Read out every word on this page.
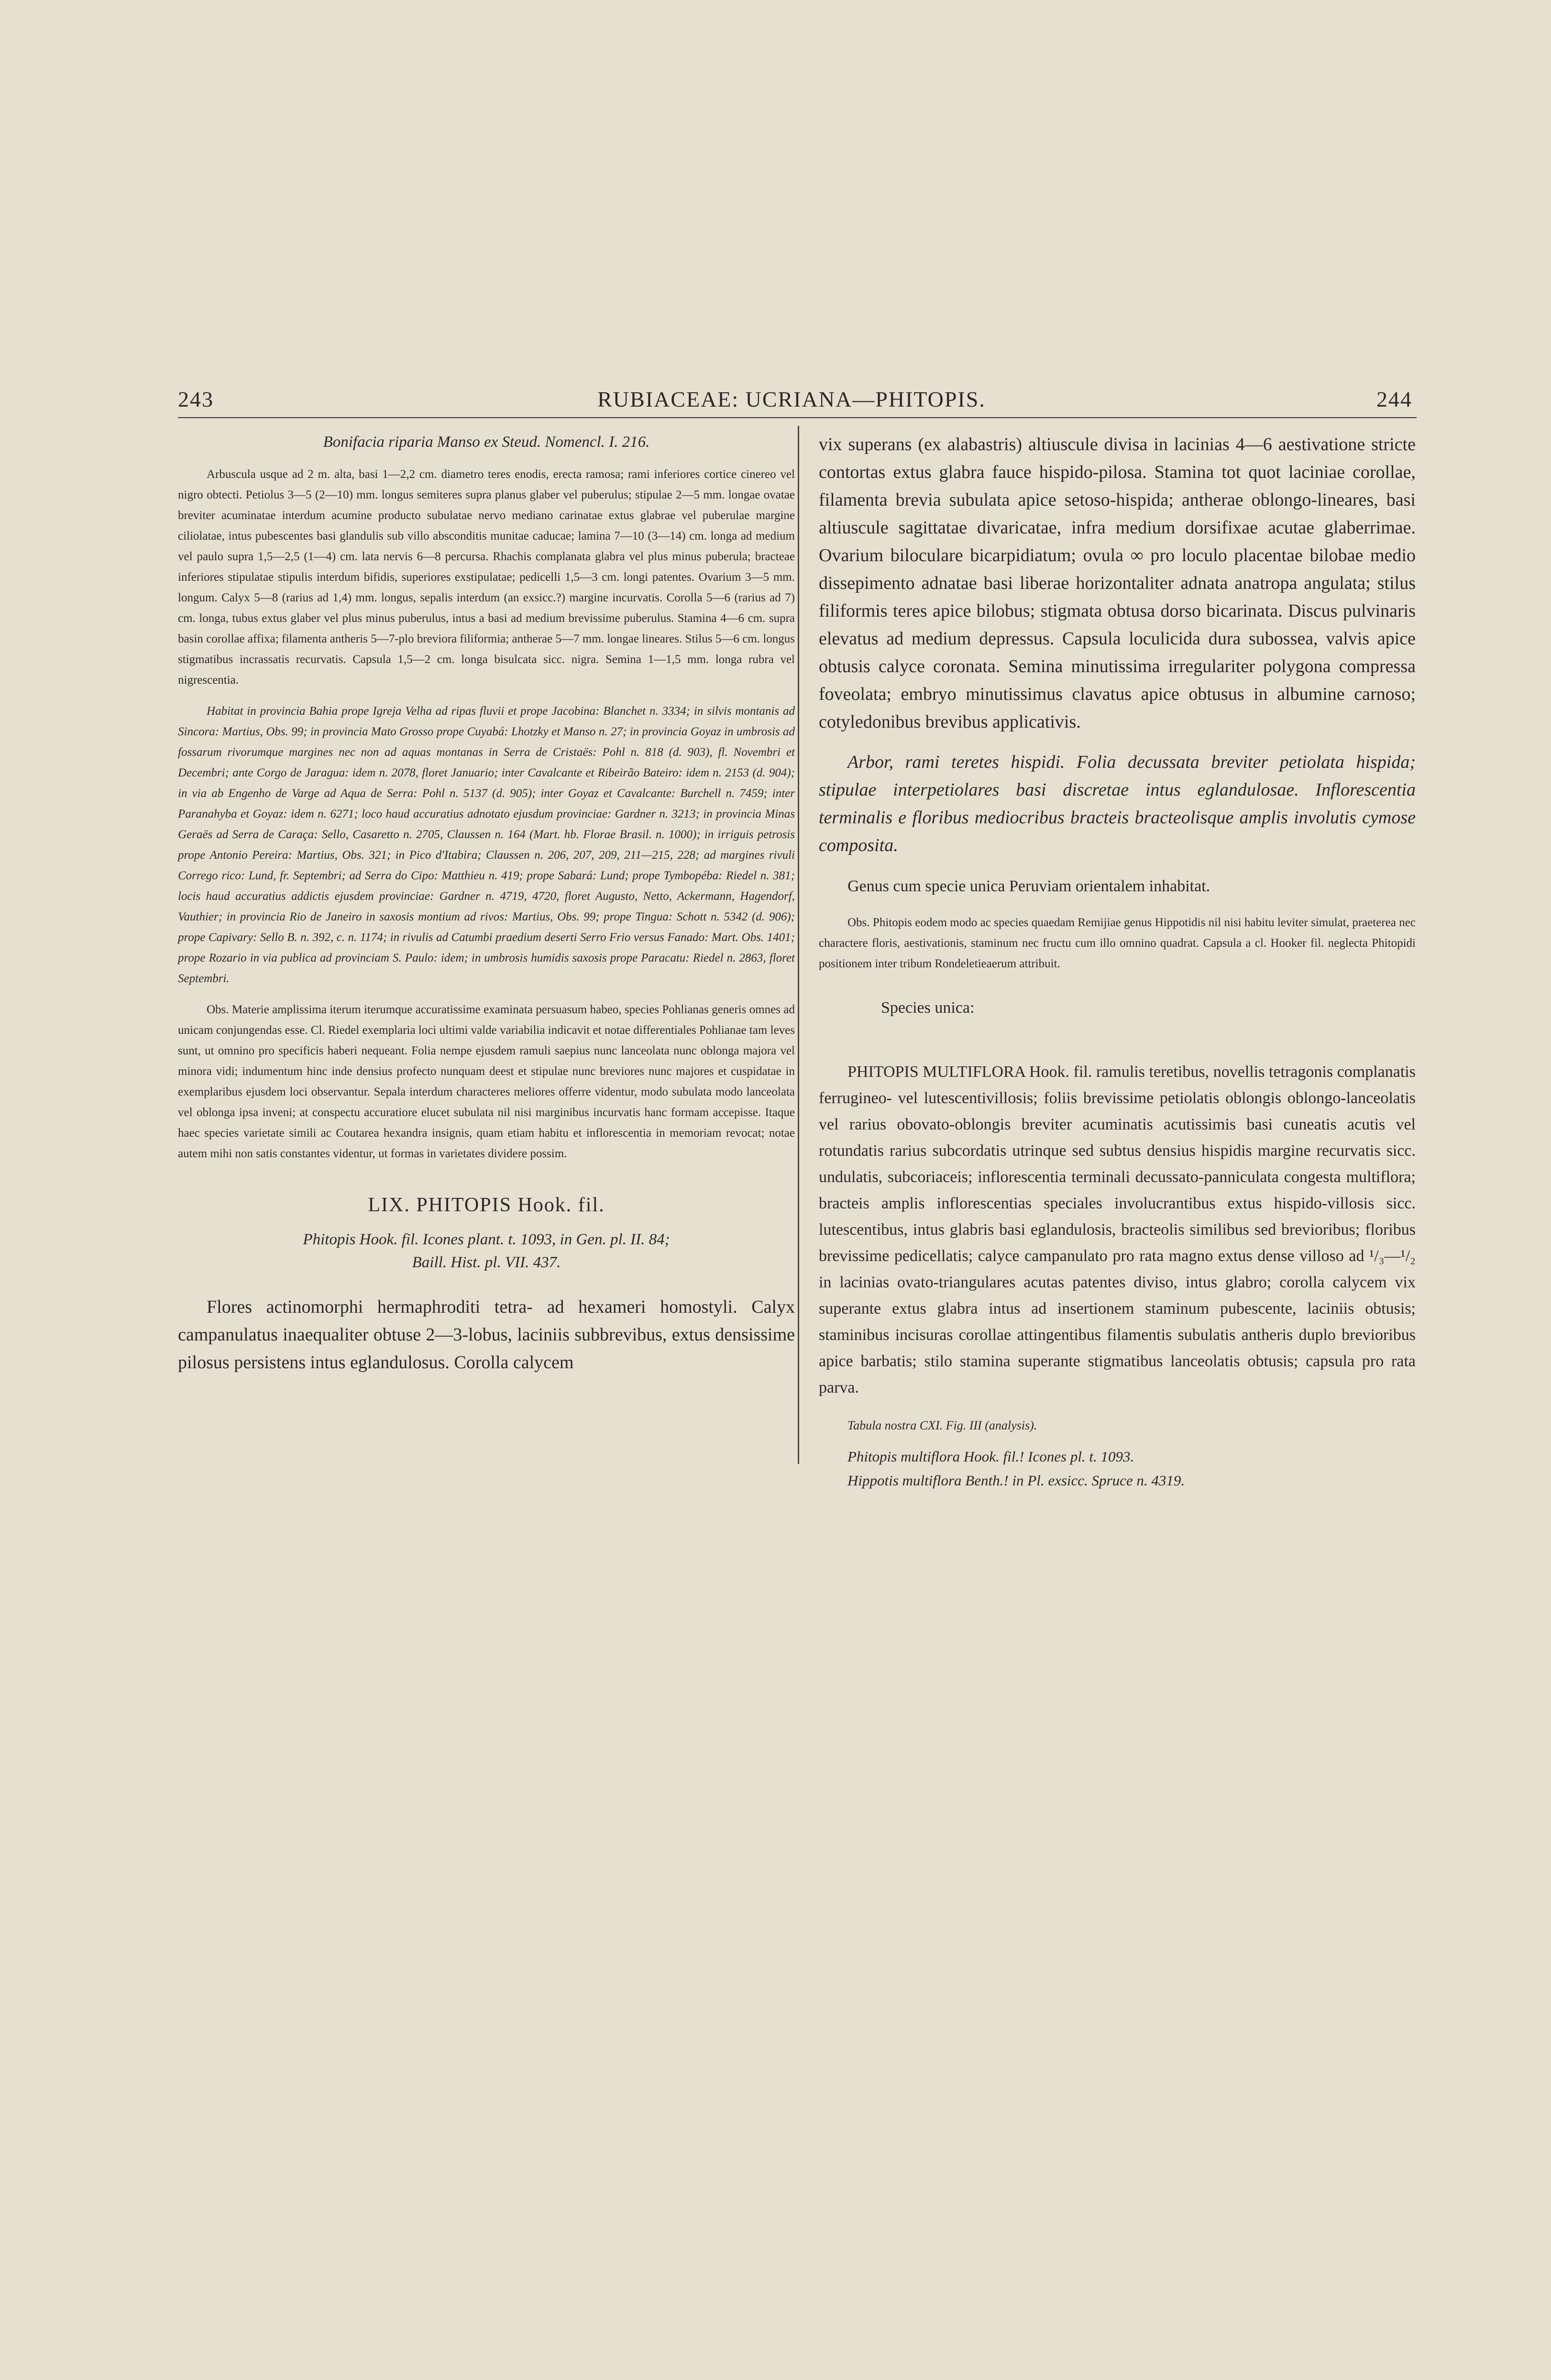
243	RUBIACEAE: UCRIANA—PHITOPIS.	244

Bonifacia riparia Manso ex Steud. Nomencl. I. 216.

Arbuscula usque ad 2 m. alta, basi 1—2,2 cm. diametro teres enodis, erecta ramosa; rami inferiores cortice cinereo vel nigro obtecti. Petiolus 3—5 (2—10) mm. longus semiteres supra planus glaber vel puberulus; stipulae 2—5 mm. longae ovatae breviter acuminatae interdum acumine producto subulatae nervo mediano carinatae extus glabrae vel puberulae margine ciliolatae, intus pubescentes basi glandulis sub villo absconditis munitae caducae; lamina 7—10 (3—14) cm. longa ad medium vel paulo supra 1,5—2,5 (1—4) cm. lata nervis 6—8 percursa. Rhachis complanata glabra vel plus minus puberula; bracteae inferiores stipulatae stipulis interdum bifidis, superiores exstipulatae; pedicelli 1,5—3 cm. longi patentes. Ovarium 3—5 mm. longum. Calyx 5—8 (rarius ad 1,4) mm. longus, sepalis interdum (an exsicc.?) margine incurvatis. Corolla 5—6 (rarius ad 7) cm. longa, tubus extus glaber vel plus minus puberulus, intus a basi ad medium brevissime puberulus. Stamina 4—6 cm. supra basin corollae affixa; filamenta antheris 5—7-plo breviora filiformia; antherae 5—7 mm. longae lineares. Stilus 5—6 cm. longus stigmatibus incrassatis recurvatis. Capsula 1,5—2 cm. longa bisulcata sicc. nigra. Semina 1—1,5 mm. longa rubra vel nigrescentia.

Habitat in provincia Bahia prope Igreja Velha ad ripas fluvii et prope Jacobina: Blanchet n. 3334; in silvis montanis ad Sincora: Martius, Obs. 99; in provincia Mato Grosso prope Cuyabá: Lhotzky et Manso n. 27; in provincia Goyaz in umbrosis ad fossarum rivorumque margines nec non ad aquas montanas in Serra de Cristaës: Pohl n. 818 (d. 903), fl. Novembri et Decembri; ante Corgo de Jaragua: idem n. 2078, floret Januario; inter Cavalcante et Ribeirão Bateiro: idem n. 2153 (d. 904); in via ab Engenho de Varge ad Aqua de Serra: Pohl n. 5137 (d. 905); inter Goyaz et Cavalcante: Burchell n. 7459; inter Paranahyba et Goyaz: idem n. 6271; loco haud accuratius adnotato ejusdum provinciae: Gardner n. 3213; in provincia Minas Geraës ad Serra de Caraça: Sello, Casaretto n. 2705, Claussen n. 164 (Mart. hb. Florae Brasil. n. 1000); in irriguis petrosis prope Antonio Pereira: Martius, Obs. 321; in Pico d'Itabira; Claussen n. 206, 207, 209, 211—215, 228; ad margines rivuli Corrego rico: Lund, fr. Septembri; ad Serra do Cipo: Matthieu n. 419; prope Sabará: Lund; prope Tymbopéba: Riedel n. 381; locis haud accuratius addictis ejusdem provinciae: Gardner n. 4719, 4720, floret Augusto, Netto, Ackermann, Hagendorf, Vauthier; in provincia Rio de Janeiro in saxosis montium ad rivos: Martius, Obs. 99; prope Tingua: Schott n. 5342 (d. 906); prope Capivary: Sello B. n. 392, c. n. 1174; in rivulis ad Catumbi praedium deserti Serro Frio versus Fanado: Mart. Obs. 1401; prope Rozario in via publica ad provinciam S. Paulo: idem; in umbrosis humidis saxosis prope Paracatu: Riedel n. 2863, floret Septembri.

Obs. Materie amplissima iterum iterumque accuratissime examinata persuasum habeo, species Pohlianas generis omnes ad unicam conjungendas esse. Cl. Riedel exemplaria loci ultimi valde variabilia indicavit et notae differentiales Pohlianae tam leves sunt, ut omnino pro specificis haberi nequeant. Folia nempe ejusdem ramuli saepius nunc lanceolata nunc oblonga majora vel minora vidi; indumentum hinc inde densius profecto nunquam deest et stipulae nunc breviores nunc majores et cuspidatae in exemplaribus ejusdem loci observantur. Sepala interdum characteres meliores offerre videntur, modo subulata modo lanceolata vel oblonga ipsa inveni; at conspectu accuratiore elucet subulata nil nisi marginibus incurvatis hanc formam accepisse. Itaque haec species varietate simili ac Coutarea hexandra insignis, quam etiam habitu et inflorescentia in memoriam revocat; notae autem mihi non satis constantes videntur, ut formas in varietates dividere possim.

LIX. PHITOPIS Hook. fil.

Phitopis Hook. fil. Icones plant. t. 1093, in Gen. pl. II. 84;

Baill. Hist. pl. VII. 437.

Flores actinomorphi hermaphroditi tetra- ad hexameri homostyli. Calyx campanulatus inaequaliter obtuse 2—3-lobus, laciniis subbrevibus, extus densissime pilosus persistens intus eglandulosus. Corolla calycem

vix superans (ex alabastris) altiuscule divisa in lacinias 4—6 aestivatione stricte contortas extus glabra fauce hispido-pilosa. Stamina tot quot laciniae corollae, filamenta brevia subulata apice setoso-hispida; antherae oblongo-lineares, basi altiuscule sagittatae divaricatae, infra medium dorsifixae acutae glaberrimae. Ovarium biloculare bicarpidiatum; ovula ∞ pro loculo placentae bilobae medio dissepimento adnatae basi liberae horizontaliter adnata anatropa angulata; stilus filiformis teres apice bilobus; stigmata obtusa dorso bicarinata. Discus pulvinaris elevatus ad medium depressus. Capsula loculicida dura subossea, valvis apice obtusis calyce coronata. Semina minutissima irregulariter polygona compressa foveolata; embryo minutissimus clavatus apice obtusus in albumine carnoso; cotyledonibus brevibus applicativis.

Arbor, rami teretes hispidi. Folia decussata breviter petiolata hispida; stipulae interpetiolares basi discretae intus eglandulosae. Inflorescentia terminalis e floribus mediocribus bracteis bracteolisque amplis involutis cymose composita.

Genus cum specie unica Peruviam orientalem inhabitat.

Obs. Phitopis eodem modo ac species quaedam Remijiae genus Hippotidis nil nisi habitu leviter simulat, praeterea nec charactere floris, aestivationis, staminum nec fructu cum illo omnino quadrat. Capsula a cl. Hooker fil. neglecta Phitopidi positionem inter tribum Rondeletieaerum attribuit.

Species unica:

PHITOPIS MULTIFLORA Hook. fil. ramulis teretibus, novellis tetragonis complanatis ferrugineo- vel lutescentivillosis; foliis brevissime petiolatis oblongis oblongo-lanceolatis vel rarius obovato-oblongis breviter acuminatis acutissimis basi cuneatis acutis vel rotundatis rarius subcordatis utrinque sed subtus densius hispidis margine recurvatis sicc. undulatis, subcoriaceis; inflorescentia terminali decussato-panniculata congesta multiflora; bracteis amplis inflorescentias speciales involucrantibus extus hispido-villosis sicc. lutescentibus, intus glabris basi eglandulosis, bracteolis similibus sed brevioribus; floribus brevissime pedicellatis; calyce campanulato pro rata magno extus dense villoso ad ¹/₃—¹/₂ in lacinias ovato-triangulares acutas patentes diviso, intus glabro; corolla calycem vix superante extus glabra intus ad insertionem staminum pubescente, laciniis obtusis; staminibus incisuras corollae attingentibus filamentis subulatis antheris duplo brevioribus apice barbatis; stilo stamina superante stigmatibus lanceolatis obtusis; capsula pro rata parva.

Tabula nostra CXI. Fig. III (analysis).

Phitopis multiflora Hook. fil.! Icones pl. t. 1093.

Hippotis multiflora Benth.! in Pl. exsicc. Spruce n. 4319.
